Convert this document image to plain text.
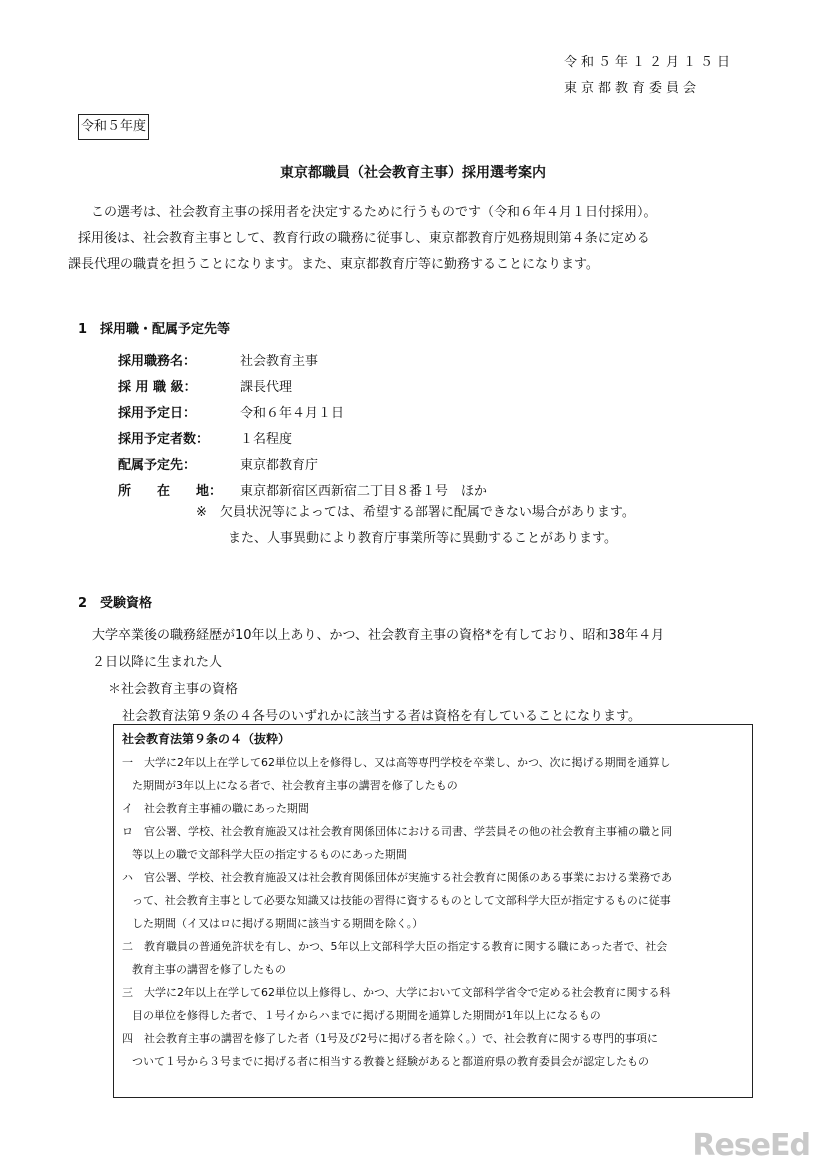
令和５年１２月１５日
東京都教育委員会
令和５年度
東京都職員（社会教育主事）採用選考案内

この選考は、社会教育主事の採用者を決定するために行うものです（令和６年４月１日付採用）。

採用後は、社会教育主事として、教育行政の職務に従事し、東京都教育庁処務規則第４条に定める

課長代理の職責を担うことになります。また、東京都教育庁等に勤務することになります。

1　採用職・配属予定先等
採用職務名：	社会教育主事
採 用 職 級：	課長代理
採用予定日：	令和６年４月１日
採用予定者数：	１名程度
配属予定先：	東京都教育庁
所　　在　　地：	東京都新宿区西新宿二丁目８番１号　ほか
※　欠員状況等によっては、希望する部署に配属できない場合があります。
また、人事異動により教育庁事業所等に異動することがあります。
2　受験資格

大学卒業後の職務経歴が10年以上あり、かつ、社会教育主事の資格*を有しており、昭和38年４月

２日以降に生まれた人

＊社会教育主事の資格

社会教育法第９条の４各号のいずれかに該当する者は資格を有していることになります。

社会教育法第９条の４（抜粋）
一	大学に2年以上在学して62単位以上を修得し、又は高等専門学校を卒業し、かつ、次に掲げる期間を通算し
た期間が3年以上になる者で、社会教育主事の講習を修了したもの
イ	社会教育主事補の職にあった期間
ロ	官公署、学校、社会教育施設又は社会教育関係団体における司書、学芸員その他の社会教育主事補の職と同
等以上の職で文部科学大臣の指定するものにあった期間
ハ	官公署、学校、社会教育施設又は社会教育関係団体が実施する社会教育に関係のある事業における業務であ
って、社会教育主事として必要な知識又は技能の習得に資するものとして文部科学大臣が指定するものに従事
した期間（イ又はロに掲げる期間に該当する期間を除く。）
二	教育職員の普通免許状を有し、かつ、5年以上文部科学大臣の指定する教育に関する職にあった者で、社会
教育主事の講習を修了したもの
三	大学に2年以上在学して62単位以上修得し、かつ、大学において文部科学省令で定める社会教育に関する科
目の単位を修得した者で、１号イからハまでに掲げる期間を通算した期間が1年以上になるもの
四	社会教育主事の講習を修了した者（1号及び2号に掲げる者を除く。）で、社会教育に関する専門的事項に
ついて１号から３号までに掲げる者に相当する教養と経験があると都道府県の教育委員会が認定したもの
ReseEd
